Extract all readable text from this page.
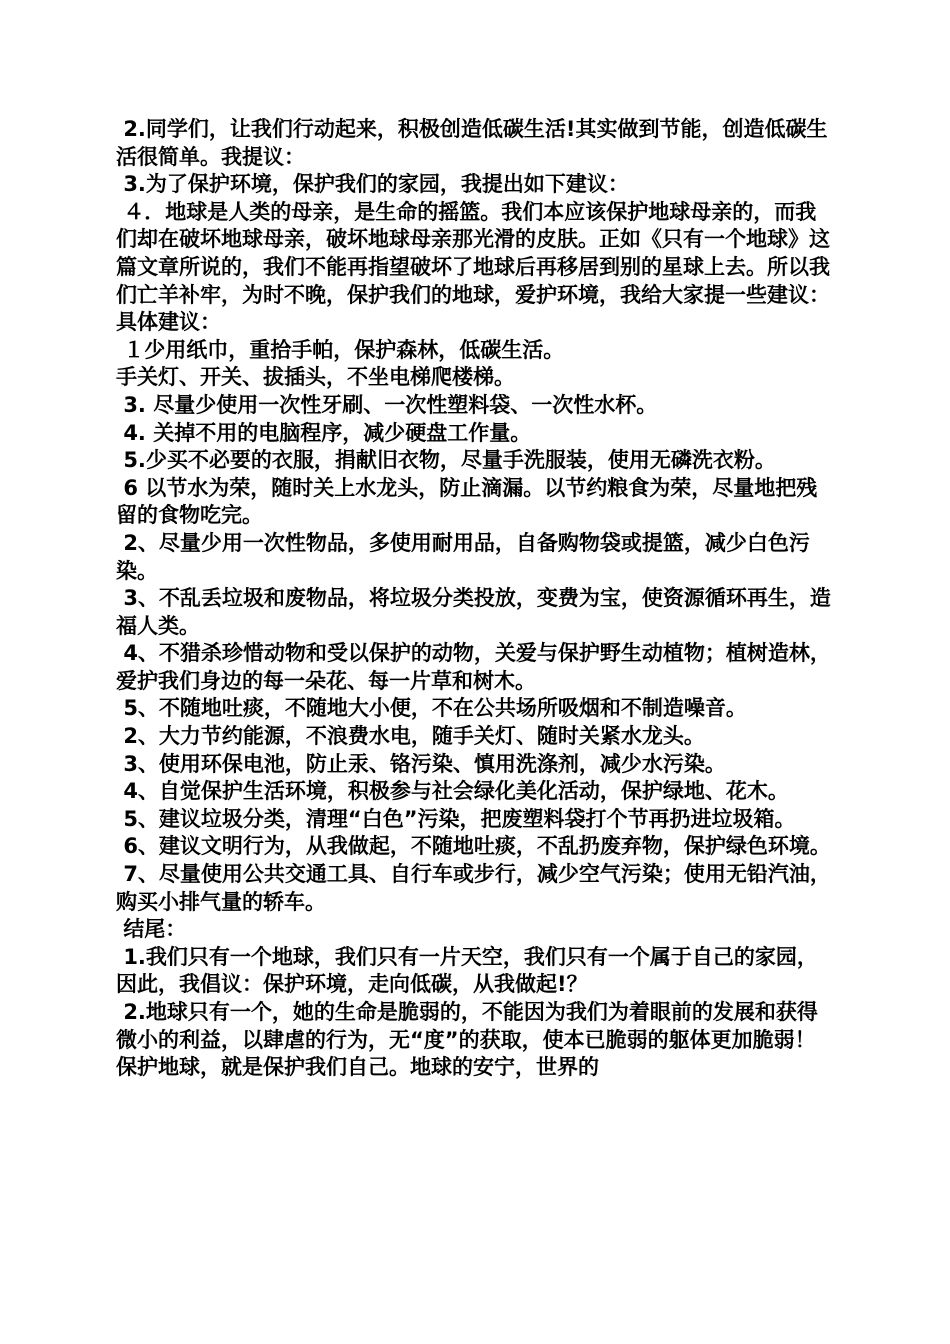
2.同学们，让我们行动起来，积极创造低碳生活!其实做到节能，创造低碳生活很简单。我提议：

3.为了保护环境，保护我们的家园，我提出如下建议：

４．地球是人类的母亲，是生命的摇篮。我们本应该保护地球母亲的，而我们却在破坏地球母亲，破坏地球母亲那光滑的皮肤。正如《只有一个地球》这篇文章所说的，我们不能再指望破坏了地球后再移居到别的星球上去。所以我们亡羊补牢，为时不晚，保护我们的地球，爱护环境，我给大家提一些建议：

具体建议：

１少用纸巾，重拾手帕，保护森林，低碳生活。

手关灯、开关、拔插头，不坐电梯爬楼梯。

3. 尽量少使用一次性牙刷、一次性塑料袋、一次性水杯。

4. 关掉不用的电脑程序，减少硬盘工作量。

5.少买不必要的衣服，捐献旧衣物，尽量手洗服装，使用无磷洗衣粉。

6 以节水为荣，随时关上水龙头，防止滴漏。以节约粮食为荣，尽量地把残留的食物吃完。

2、尽量少用一次性物品，多使用耐用品，自备购物袋或提篮，减少白色污染。

3、不乱丢垃圾和废物品，将垃圾分类投放，变费为宝，使资源循环再生，造福人类。

4、不猎杀珍惜动物和受以保护的动物，关爱与保护野生动植物；植树造林，爱护我们身边的每一朵花、每一片草和树木。

5、不随地吐痰，不随地大小便，不在公共场所吸烟和不制造噪音。

2、大力节约能源，不浪费水电，随手关灯、随时关紧水龙头。

3、使用环保电池，防止汞、铬污染、慎用洗涤剂，减少水污染。

4、自觉保护生活环境，积极参与社会绿化美化活动，保护绿地、花木。

5、建议垃圾分类，清理“白色”污染，把废塑料袋打个节再扔进垃圾箱。

6、建议文明行为，从我做起，不随地吐痰，不乱扔废弃物，保护绿色环境。

7、尽量使用公共交通工具、自行车或步行，减少空气污染；使用无铅汽油，购买小排气量的轿车。

结尾：

1.我们只有一个地球，我们只有一片天空，我们只有一个属于自己的家园，因此，我倡议：保护环境，走向低碳，从我做起!？

2.地球只有一个，她的生命是脆弱的，不能因为我们为着眼前的发展和获得微小的利益，以肆虐的行为，无“度”的获取，使本已脆弱的躯体更加脆弱！保护地球，就是保护我们自己。地球的安宁，世界的
